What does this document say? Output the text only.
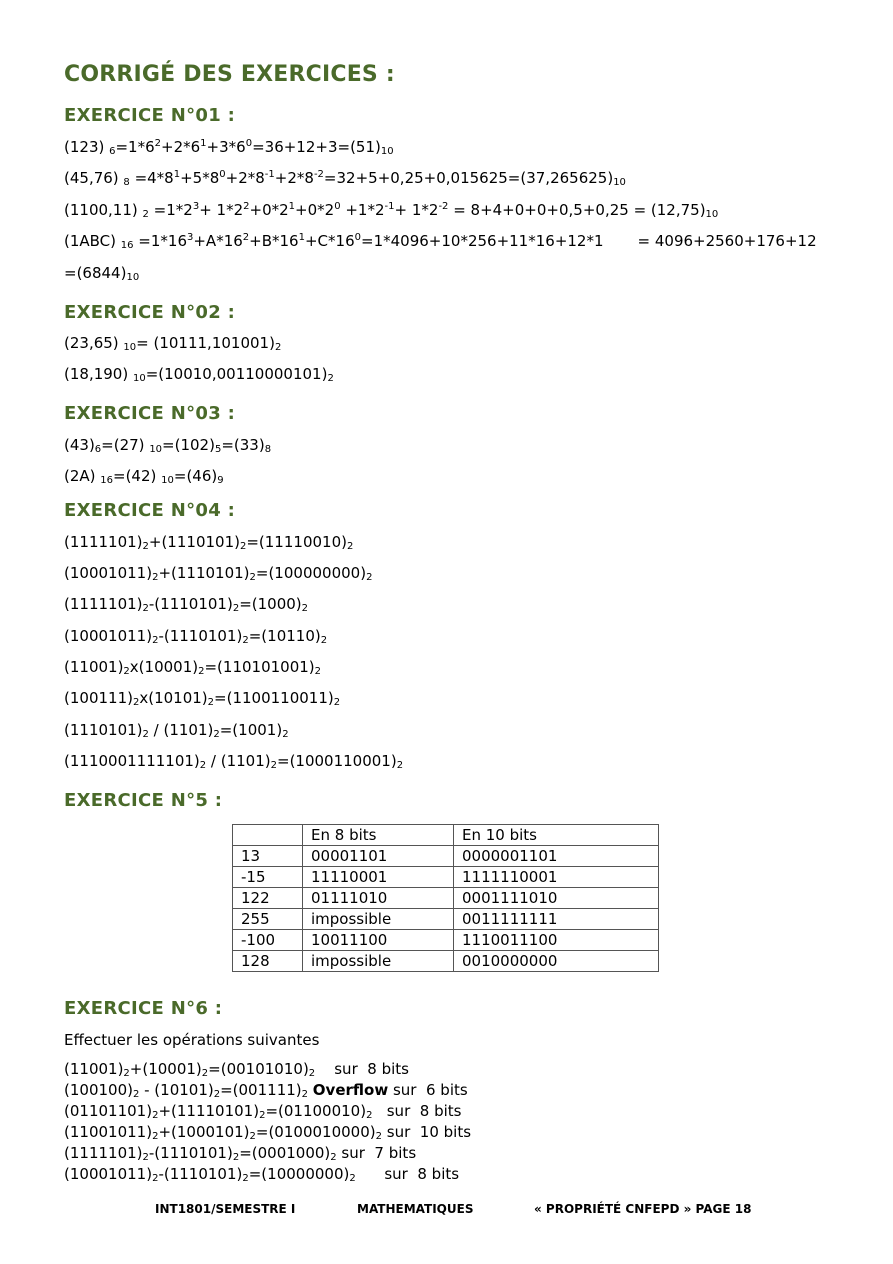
CORRIGÉ DES EXERCICES :
EXERCICE N°01 :
(123) $_6=1*6^2+2*6^1+3*6^0=36+12+3=(51)_{10}$
(45,76) $_8 =4*8^1+5*8^0+2*8^{-1}+2*8^{-2}=32+5+0,25+0,015625=(37,265625)_{10}$
(1100,11) $_2 =1*2^3+ 1*2^2+0*2^1+0*2^0 +1*2^{-1}+ 1*2^{-2} = 8+4+0+0+0,5+0,25 = (12,75)_{10}$
(1ABC) $_{16} =1*16^3+A*16^2+B*16^1+C*16^0=1*4096+10*256+11*16+12*1 = 4096+2560+176+12$
$=(6844)_{10}$
EXERCICE N°02 :
(23,65) $_{10}= (10111,101001)_2$
(18,190) $_{10}=(10010,00110000101)_2$
EXERCICE N°03 :
$(43)_6=(27)$ $_{10}=(102)_5=(33)_8$
(2A) $_{16}$=(42) $_{10}=(46)_9$
EXERCICE N°04 :
$(1111101)_2+(1110101)_2=(11110010)_2$
$(10001011)_2+(1110101)_2=(100000000)_2$
$(1111101)_2-(1110101)_2=(1000)_2$
$(10001011)_2-(1110101)_2=(10110)_2$
$(11001)_2x(10001)_2=(110101001)_2$
$(100111)_2x(10101)_2=(1100110011)_2$
$(1110101)_2 / (1101)_2=(1001)_2$
$(1110001111101)_2 / (1101)_2=(1000110001)_2$
EXERCICE N°5 :
	En 8 bits	En 10 bits
13	00001101	0000001101
-15	11110001	1111110001
122	01111010	0001111010
255	impossible	0011111111
-100	10011100	1110011100
128	impossible	0010000000
EXERCICE N°6 :
Effectuer les opérations suivantes
$(11001)_2+(10001)_2=(00101010)_2$    sur  8 bits
$(100100)_2 - (10101)_2=(001111)_2$ Overflow sur  6 bits
$(01101101)_2+(11110101)_2=(01100010)_2$   sur  8 bits
$(11001011)_2+(1000101)_2=(0100010000)_2$ sur  10 bits
$(1111101)_2-(1110101)_2=(0001000)_2$ sur  7 bits
$(10001011)_2-(1110101)_2=(10000000)_2$      sur  8 bits
INT1801/SEMESTRE I	MATHEMATIQUES	« PROPRIÉTÉ CNFEPD » PAGE 18
